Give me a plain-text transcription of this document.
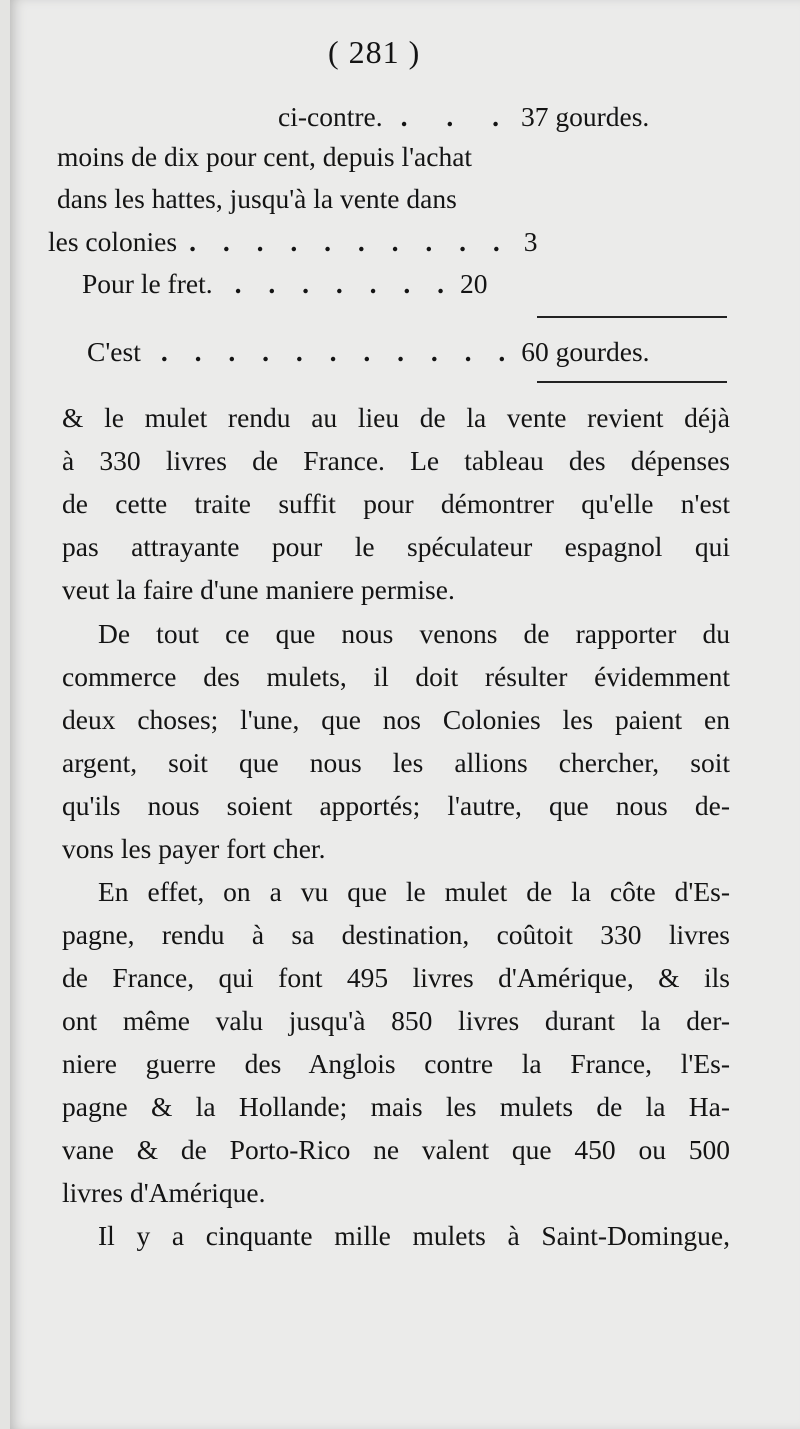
( 281 )
ci-contre. . . . 37 gourdes.
moins de dix pour cent, depuis l'achat
dans les hattes, jusqu'à la vente dans
les colonies . . . . . . . . . . 3
Pour le fret. . . . . . . . 20
C'est . . . . . . . . . . . 60 gourdes.
& le mulet rendu au lieu de la vente revient déjà
à 330 livres de France. Le tableau des dépenses
de cette traite suffit pour démontrer qu'elle n'est
pas attrayante pour le spéculateur espagnol qui
veut la faire d'une maniere permise.
De tout ce que nous venons de rapporter du
commerce des mulets, il doit résulter évidemment
deux choses; l'une, que nos Colonies les paient en
argent, soit que nous les allions chercher, soit
qu'ils nous soient apportés; l'autre, que nous de-
vons les payer fort cher.
En effet, on a vu que le mulet de la côte d'Es-
pagne, rendu à sa destination, coûtoit 330 livres
de France, qui font 495 livres d'Amérique, & ils
ont même valu jusqu'à 850 livres durant la der-
niere guerre des Anglois contre la France, l'Es-
pagne & la Hollande; mais les mulets de la Ha-
vane & de Porto-Rico ne valent que 450 ou 500
livres d'Amérique.
Il y a cinquante mille mulets à Saint-Domingue,
